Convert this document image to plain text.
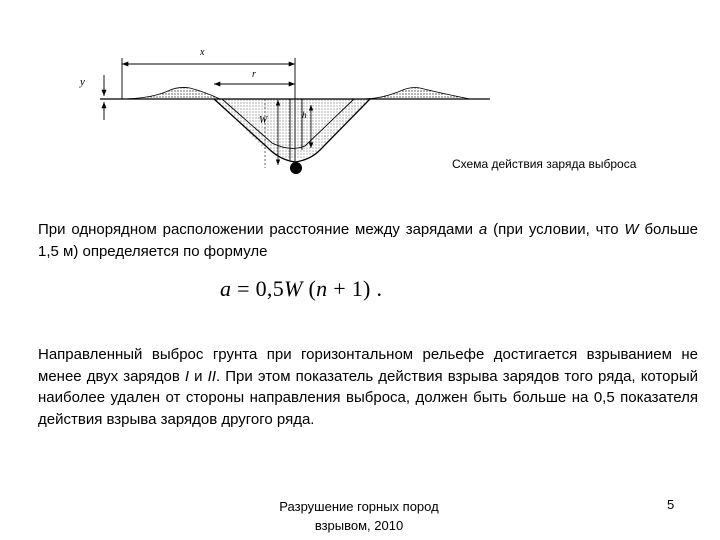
x
r
y
W	h
Схема действия заряда выброса
При однорядном расположении расстояние между зарядами a (при условии, что W больше 1,5 м) определяется по формуле
a = 0,5W (n + 1) .
Направленный выброс грунта при горизонтальном рельефе достигается взрыванием не менее двух зарядов I и II. При этом показатель действия взрыва зарядов того ряда, который наиболее удален от стороны направления выброса, должен быть больше на 0,5 показателя действия взрыва зарядов другого ряда.
Разрушение горных пород
взрывом, 2010
5
